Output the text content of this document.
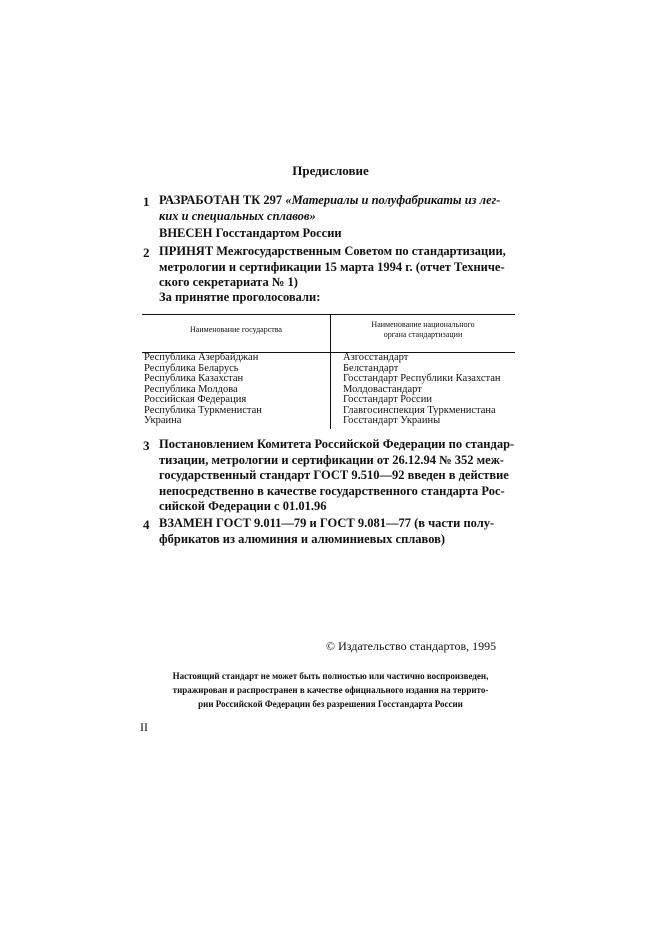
Предисловие
1 РАЗРАБОТАН ТК 297 «Материалы и полуфабрикаты из лег-
ких и специальных сплавов»
ВНЕСЕН Госстандартом России
2 ПРИНЯТ Межгосударственным Советом по стандартизации,
метрологии и сертификации 15 марта 1994 г. (отчет Техниче-
ского секретариата № 1)
За принятие проголосовали:
Наименование государства
Наименование национального
органа стандартизации
Республика Азербайджан
Республика Беларусь
Республика Казахстан
Республика Молдова
Российская Федерация
Республика Туркменистан
Украина
Азгосстандарт
Белстандарт
Госстандарт Республики Казахстан
Молдовастандарт
Госстандарт России
Главгосинспекция Туркменистана
Госстандарт Украины
3 Постановлением Комитета Российской Федерации по стандар-
тизации, метрологии и сертификации от 26.12.94 № 352 меж-
государственный стандарт ГОСТ 9.510—92 введен в действие
непосредственно в качестве государственного стандарта Рос-
сийской Федерации с 01.01.96
4 ВЗАМЕН ГОСТ 9.011—79 и ГОСТ 9.081—77 (в части полу-
фбрикатов из алюминия и алюминиевых сплавов)
© Издательство стандартов, 1995
Настоящий стандарт не может быть полностью или частично воспроизведен,
тиражирован и распространен в качестве официального издания на террито-
рии Российской Федерации без разрешения Госстандарта России
II
